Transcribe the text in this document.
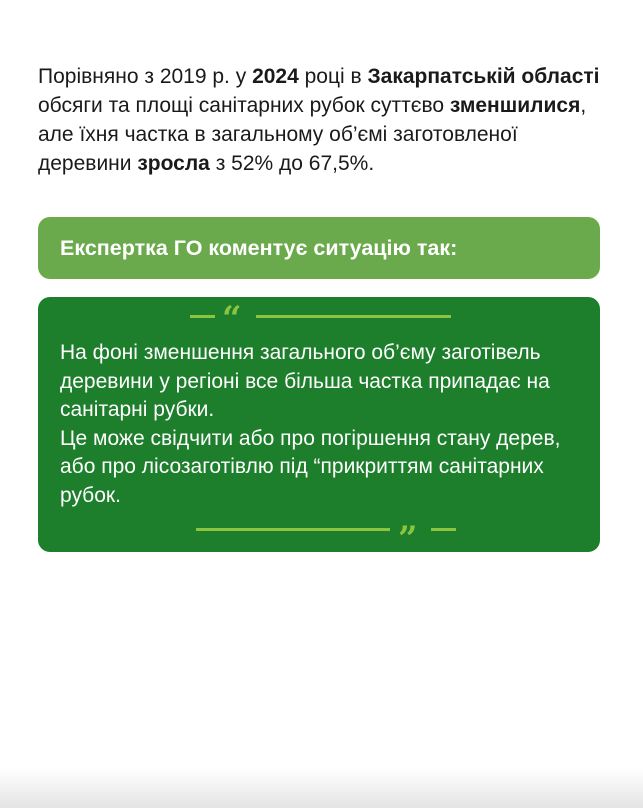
Порівняно з 2019 р. у 2024 році в Закарпатській області обсяги та площі санітарних рубок суттєво зменшилися, але їхня частка в загальному об’ємі заготовленої деревини зросла з 52% до 67,5%.
Експертка ГО коментує ситуацію так:
“

На фоні зменшення загального об’єму заготівель деревини у регіоні все більша частка припадає на санітарні рубки.

Це може свідчити або про погіршення стану дерев, або про лісозаготівлю під “прикриттям санітарних рубок.

”
